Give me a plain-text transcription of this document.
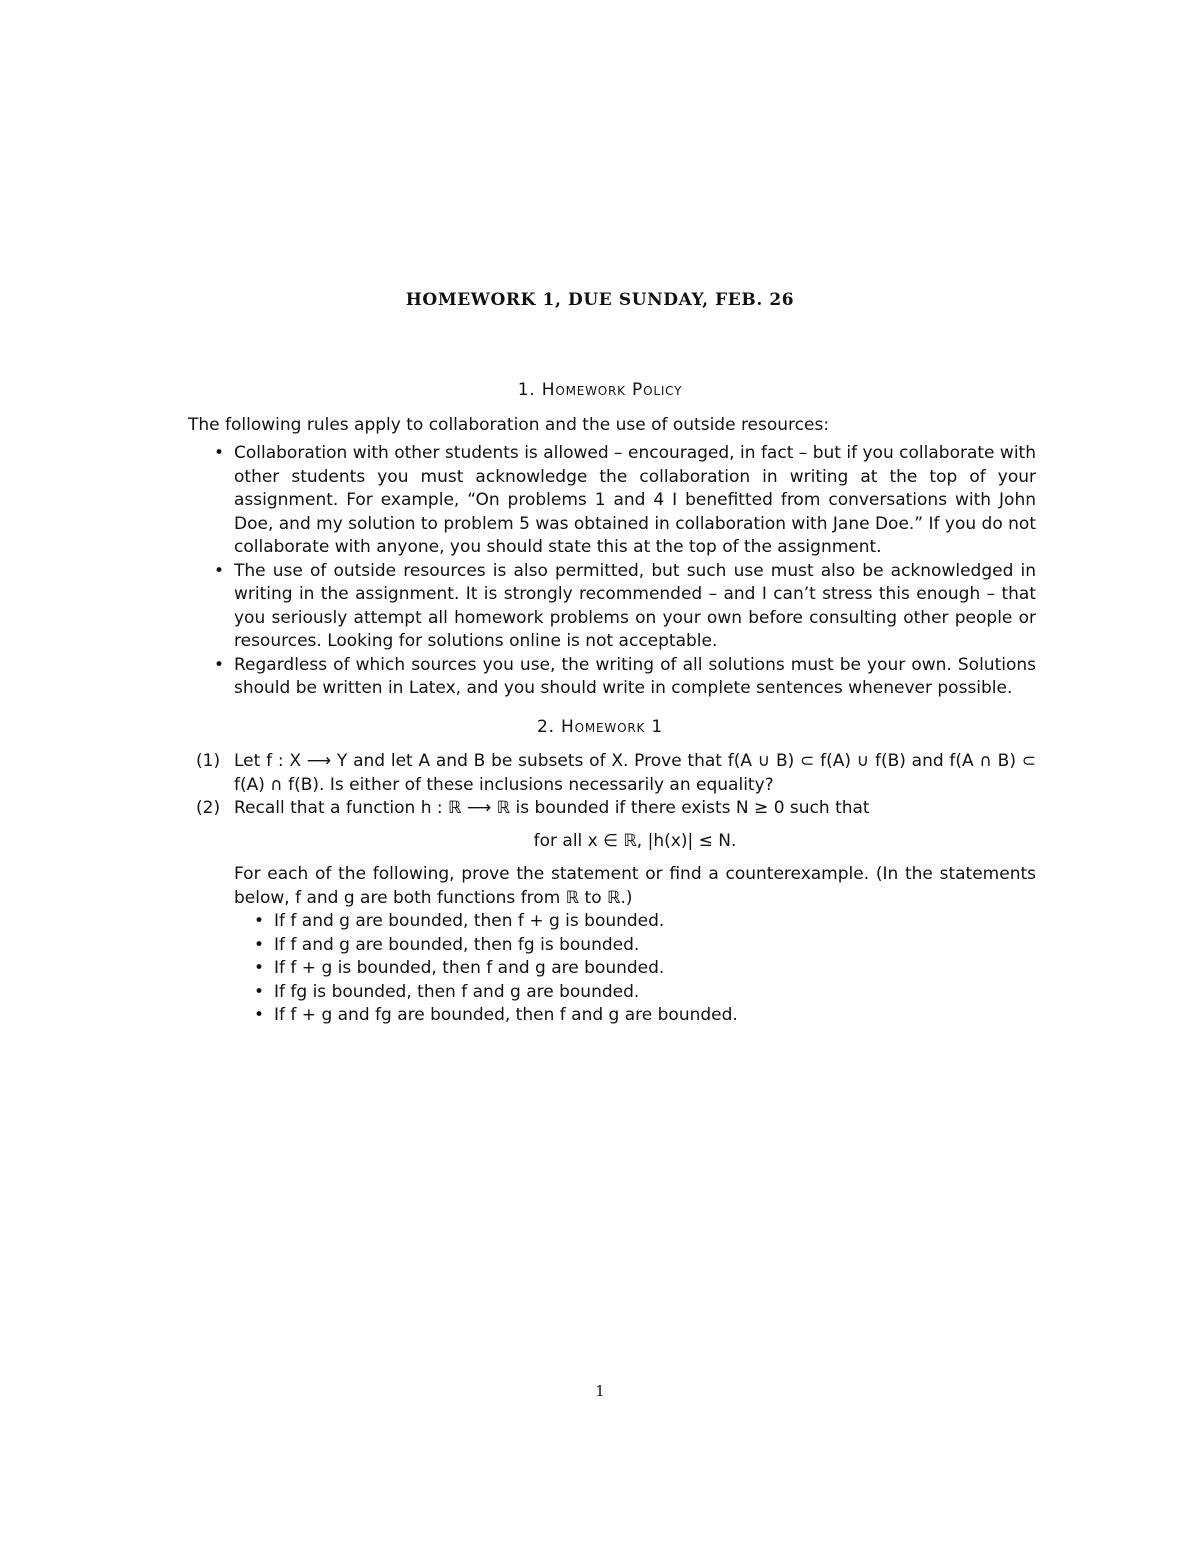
HOMEWORK 1, DUE SUNDAY, FEB. 26
1. Homework Policy
The following rules apply to collaboration and the use of outside resources:
• Collaboration with other students is allowed – encouraged, in fact – but if you collaborate with other students you must acknowledge the collaboration in writing at the top of your assignment. For example, “On problems 1 and 4 I benefitted from conversations with John Doe, and my solution to problem 5 was obtained in collaboration with Jane Doe.” If you do not collaborate with anyone, you should state this at the top of the assignment.
• The use of outside resources is also permitted, but such use must also be acknowledged in writing in the assignment. It is strongly recommended – and I can’t stress this enough – that you seriously attempt all homework problems on your own before consulting other people or resources. Looking for solutions online is not acceptable.
• Regardless of which sources you use, the writing of all solutions must be your own. Solutions should be written in Latex, and you should write in complete sentences whenever possible.
2. Homework 1
(1) Let f : X ⟶ Y and let A and B be subsets of X. Prove that f(A ∪ B) ⊂ f(A) ∪ f(B) and f(A ∩ B) ⊂ f(A) ∩ f(B). Is either of these inclusions necessarily an equality?
(2) Recall that a function h : ℝ ⟶ ℝ is bounded if there exists N ≥ 0 such that
for all x ∈ ℝ, |h(x)| ≤ N.
For each of the following, prove the statement or find a counterexample. (In the statements below, f and g are both functions from ℝ to ℝ.)
• If f and g are bounded, then f + g is bounded.
• If f and g are bounded, then fg is bounded.
• If f + g is bounded, then f and g are bounded.
• If fg is bounded, then f and g are bounded.
• If f + g and fg are bounded, then f and g are bounded.
1
